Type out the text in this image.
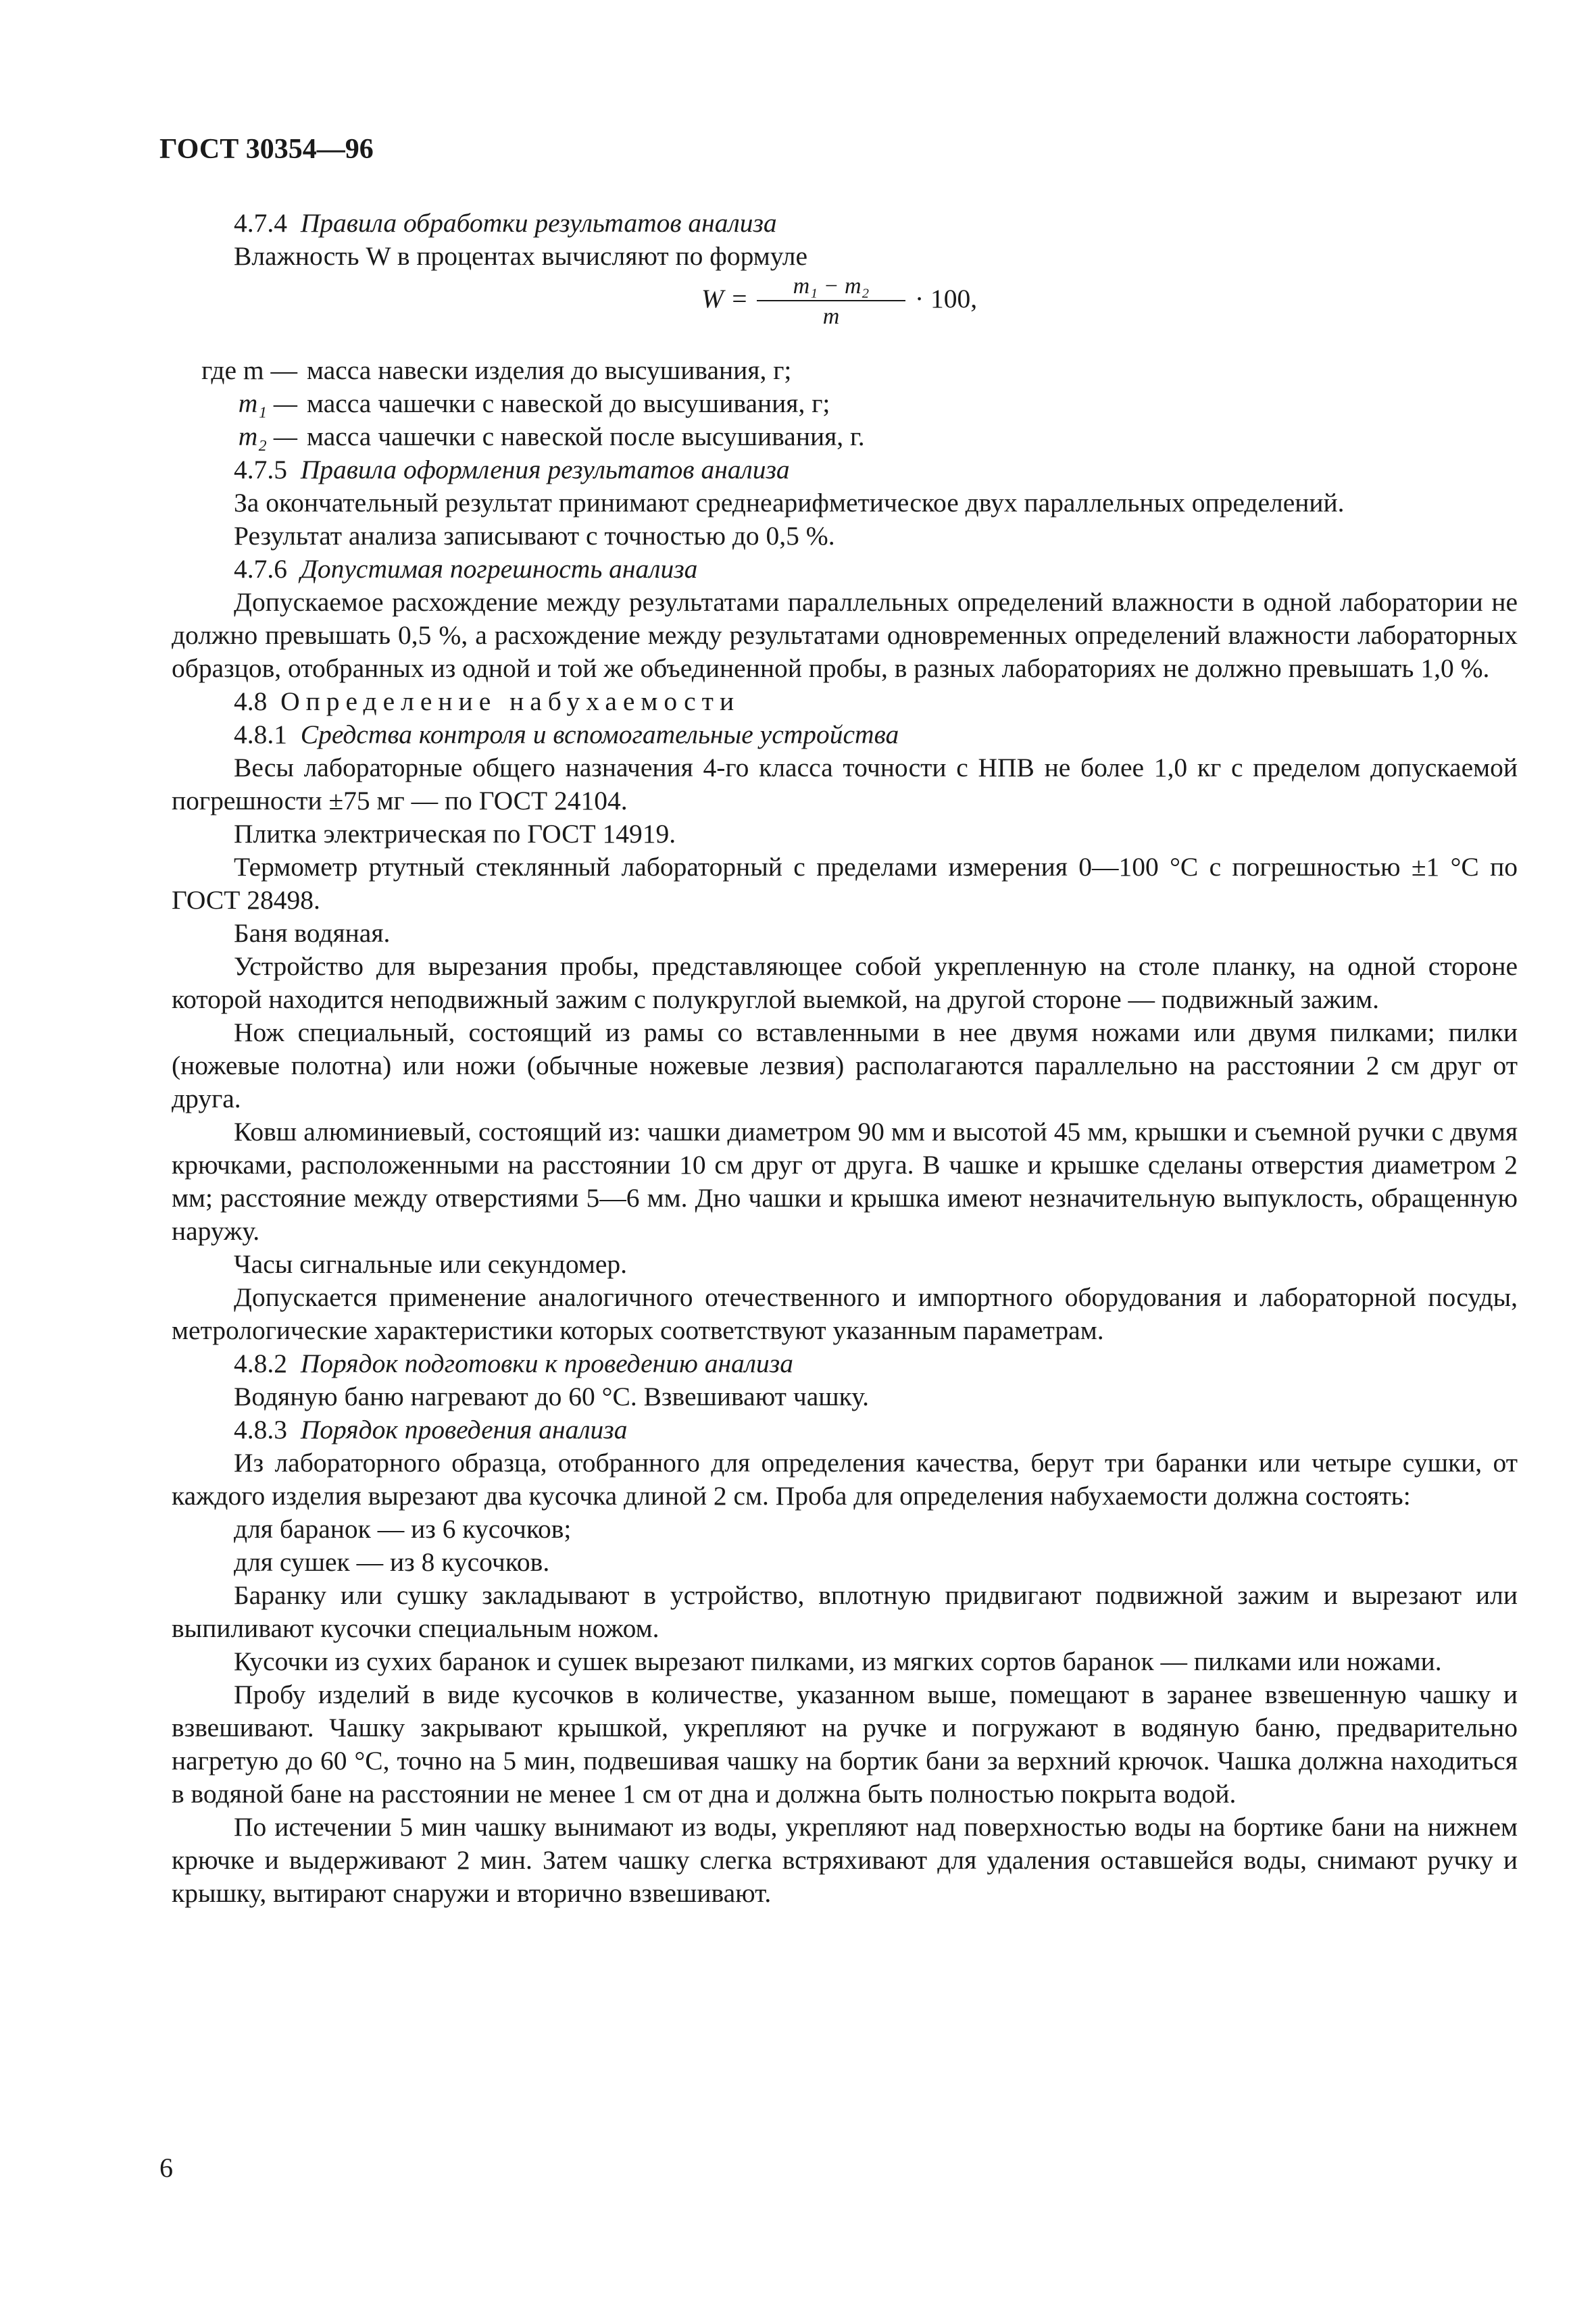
ГОСТ 30354—96

4.7.4 Правила обработки результатов анализа

Влажность W в процентах вычисляют по формуле

$W = \frac{\text{m₁ − m₂}}{m} \cdot 100$,
где m — масса навески изделия до высушивания, г;
m₁ — масса чашечки с навеской до высушивания, г;
m₂ — масса чашечки с навеской после высушивания, г.

4.7.5 Правила оформления результатов анализа

За окончательный результат принимают среднеарифметическое двух параллельных определений.

Результат анализа записывают с точностью до 0,5 %.

4.7.6 Допустимая погрешность анализа

Допускаемое расхождение между результатами параллельных определений влажности в одной лаборатории не должно превышать 0,5 %, а расхождение между результатами одновременных определений влажности лабораторных образцов, отобранных из одной и той же объединенной пробы, в разных лабораториях не должно превышать 1,0 %.

4.8 Определение набухаемости

4.8.1 Средства контроля и вспомогательные устройства

Весы лабораторные общего назначения 4-го класса точности с НПВ не более 1,0 кг с пределом допускаемой погрешности ±75 мг — по ГОСТ 24104.

Плитка электрическая по ГОСТ 14919.

Термометр ртутный стеклянный лабораторный с пределами измерения 0—100 °С с погрешностью ±1 °С по ГОСТ 28498.

Баня водяная.

Устройство для вырезания пробы, представляющее собой укрепленную на столе планку, на одной стороне которой находится неподвижный зажим с полукруглой выемкой, на другой стороне — подвижный зажим.

Нож специальный, состоящий из рамы со вставленными в нее двумя ножами или двумя пилками; пилки (ножевые полотна) или ножи (обычные ножевые лезвия) располагаются параллельно на расстоянии 2 см друг от друга.

Ковш алюминиевый, состоящий из: чашки диаметром 90 мм и высотой 45 мм, крышки и съемной ручки с двумя крючками, расположенными на расстоянии 10 см друг от друга. В чашке и крышке сделаны отверстия диаметром 2 мм; расстояние между отверстиями 5—6 мм. Дно чашки и крышка имеют незначительную выпуклость, обращенную наружу.

Часы сигнальные или секундомер.

Допускается применение аналогичного отечественного и импортного оборудования и лабораторной посуды, метрологические характеристики которых соответствуют указанным параметрам.

4.8.2 Порядок подготовки к проведению анализа

Водяную баню нагревают до 60 °С. Взвешивают чашку.

4.8.3 Порядок проведения анализа

Из лабораторного образца, отобранного для определения качества, берут три баранки или четыре сушки, от каждого изделия вырезают два кусочка длиной 2 см. Проба для определения набухаемости должна состоять:

для баранок — из 6 кусочков;

для сушек — из 8 кусочков.

Баранку или сушку закладывают в устройство, вплотную придвигают подвижной зажим и вырезают или выпиливают кусочки специальным ножом.

Кусочки из сухих баранок и сушек вырезают пилками, из мягких сортов баранок — пилками или ножами.

Пробу изделий в виде кусочков в количестве, указанном выше, помещают в заранее взвешенную чашку и взвешивают. Чашку закрывают крышкой, укрепляют на ручке и погружают в водяную баню, предварительно нагретую до 60 °С, точно на 5 мин, подвешивая чашку на бортик бани за верхний крючок. Чашка должна находиться в водяной бане на расстоянии не менее 1 см от дна и должна быть полностью покрыта водой.

По истечении 5 мин чашку вынимают из воды, укрепляют над поверхностью воды на бортике бани на нижнем крючке и выдерживают 2 мин. Затем чашку слегка встряхивают для удаления оставшейся воды, снимают ручку и крышку, вытирают снаружи и вторично взвешивают.

6
